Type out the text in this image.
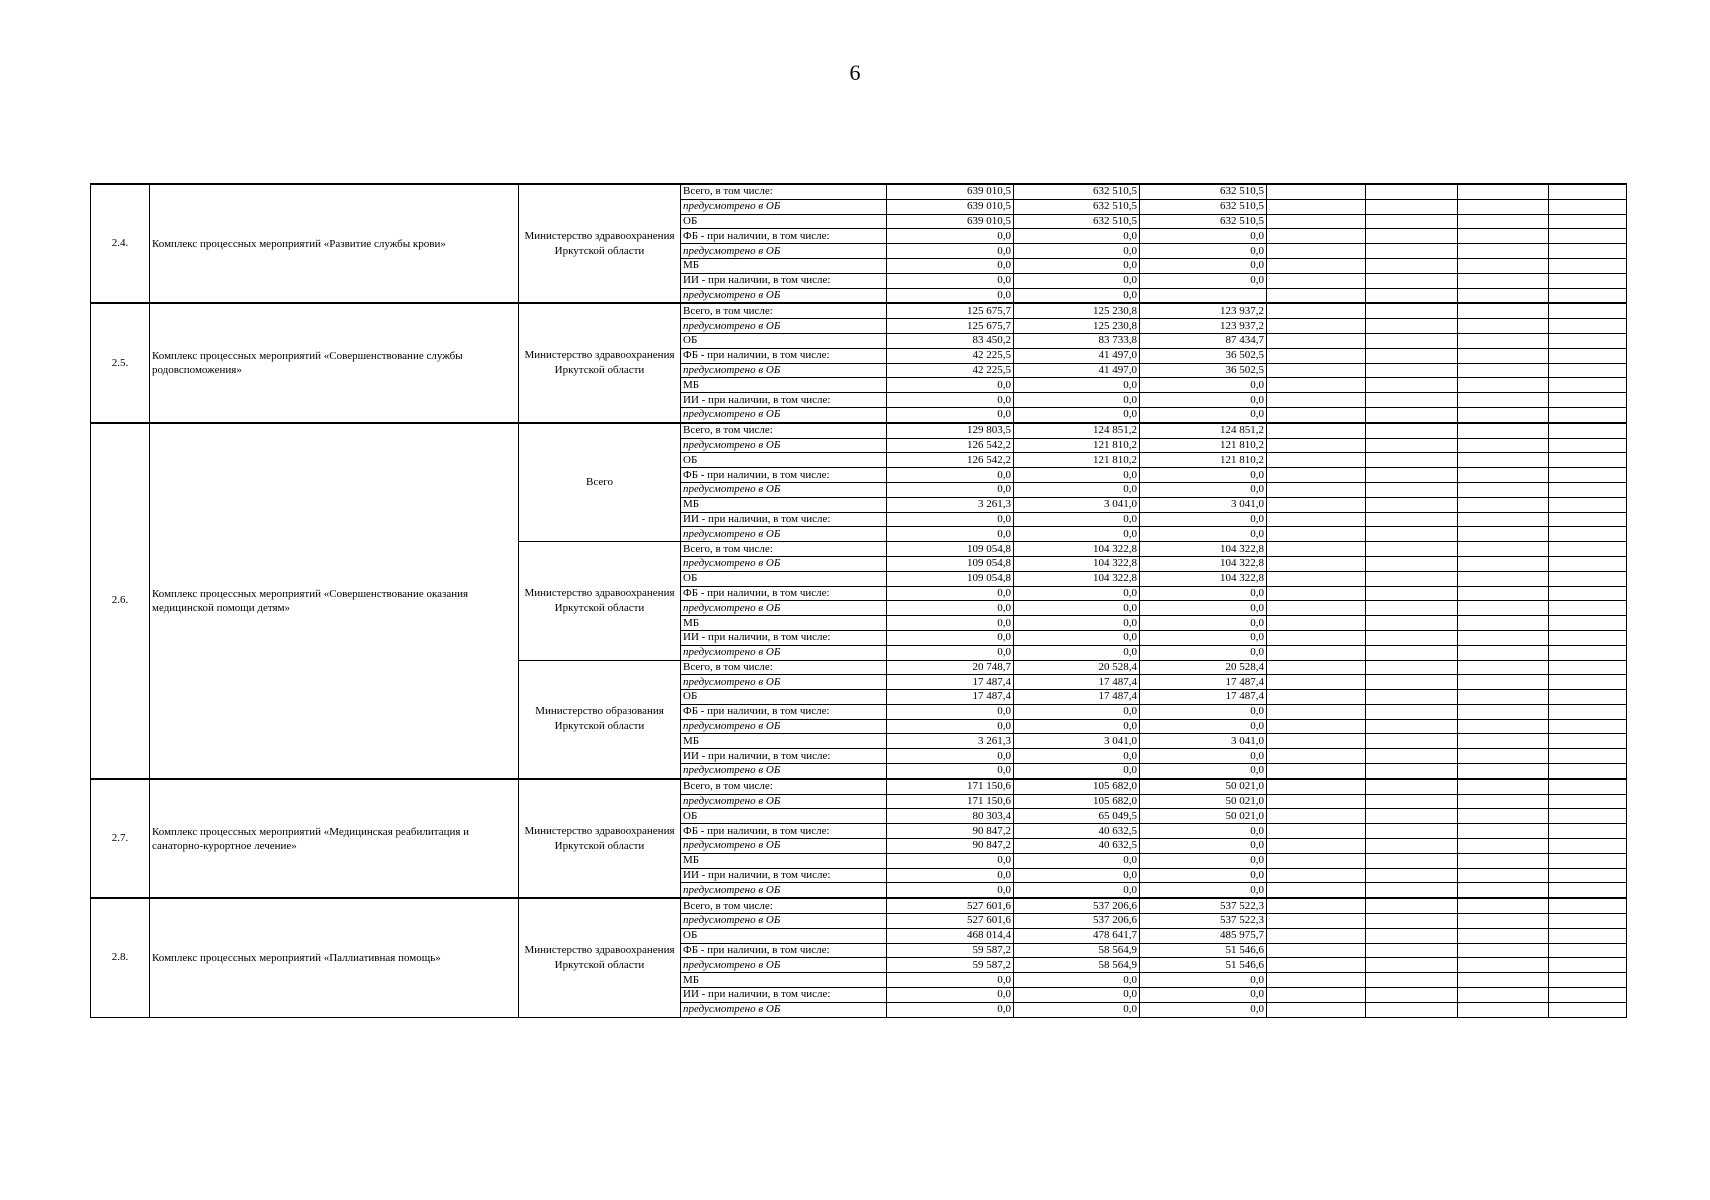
6
2.4.	Комплекс процессных мероприятий «Развитие службы крови»	Министерство здравоохранения Иркутской области	Всего, в том числе:	639 010,5	632 510,5	632 510,5				
			предусмотрено в ОБ	639 010,5	632 510,5	632 510,5				
			ОБ	639 010,5	632 510,5	632 510,5				
			ФБ - при наличии, в том числе:	0,0	0,0	0,0				
			предусмотрено в ОБ	0,0	0,0	0,0				
			МБ	0,0	0,0	0,0				
			ИИ - при наличии, в том числе:	0,0	0,0	0,0				
			предусмотрено в ОБ	0,0	0,0					
2.5.	Комплекс процессных мероприятий «Совершенствование службы родовспоможения»	Министерство здравоохранения Иркутской области	Всего, в том числе:	125 675,7	125 230,8	123 937,2				
			предусмотрено в ОБ	125 675,7	125 230,8	123 937,2				
			ОБ	83 450,2	83 733,8	87 434,7				
			ФБ - при наличии, в том числе:	42 225,5	41 497,0	36 502,5				
			предусмотрено в ОБ	42 225,5	41 497,0	36 502,5				
			МБ	0,0	0,0	0,0				
			ИИ - при наличии, в том числе:	0,0	0,0	0,0				
			предусмотрено в ОБ	0,0	0,0	0,0				
2.6.	Комплекс процессных мероприятий «Совершенствование оказания медицинской помощи детям»	Всего	Всего, в том числе:	129 803,5	124 851,2	124 851,2				
			предусмотрено в ОБ	126 542,2	121 810,2	121 810,2				
			ОБ	126 542,2	121 810,2	121 810,2				
			ФБ - при наличии, в том числе:	0,0	0,0	0,0				
			предусмотрено в ОБ	0,0	0,0	0,0				
			МБ	3 261,3	3 041,0	3 041,0				
			ИИ - при наличии, в том числе:	0,0	0,0	0,0				
			предусмотрено в ОБ	0,0	0,0	0,0				
		Министерство здравоохранения Иркутской области	Всего, в том числе:	109 054,8	104 322,8	104 322,8				
			предусмотрено в ОБ	109 054,8	104 322,8	104 322,8				
			ОБ	109 054,8	104 322,8	104 322,8				
			ФБ - при наличии, в том числе:	0,0	0,0	0,0				
			предусмотрено в ОБ	0,0	0,0	0,0				
			МБ	0,0	0,0	0,0				
			ИИ - при наличии, в том числе:	0,0	0,0	0,0				
			предусмотрено в ОБ	0,0	0,0	0,0				
		Министерство образования Иркутской области	Всего, в том числе:	20 748,7	20 528,4	20 528,4				
			предусмотрено в ОБ	17 487,4	17 487,4	17 487,4				
			ОБ	17 487,4	17 487,4	17 487,4				
			ФБ - при наличии, в том числе:	0,0	0,0	0,0				
			предусмотрено в ОБ	0,0	0,0	0,0				
			МБ	3 261,3	3 041,0	3 041,0				
			ИИ - при наличии, в том числе:	0,0	0,0	0,0				
			предусмотрено в ОБ	0,0	0,0	0,0				
2.7.	Комплекс процессных мероприятий «Медицинская реабилитация и санаторно-курортное лечение»	Министерство здравоохранения Иркутской области	Всего, в том числе:	171 150,6	105 682,0	50 021,0				
			предусмотрено в ОБ	171 150,6	105 682,0	50 021,0				
			ОБ	80 303,4	65 049,5	50 021,0				
			ФБ - при наличии, в том числе:	90 847,2	40 632,5	0,0				
			предусмотрено в ОБ	90 847,2	40 632,5	0,0				
			МБ	0,0	0,0	0,0				
			ИИ - при наличии, в том числе:	0,0	0,0	0,0				
			предусмотрено в ОБ	0,0	0,0	0,0				
2.8.	Комплекс процессных мероприятий «Паллиативная помощь»	Министерство здравоохранения Иркутской области	Всего, в том числе:	527 601,6	537 206,6	537 522,3				
			предусмотрено в ОБ	527 601,6	537 206,6	537 522,3				
			ОБ	468 014,4	478 641,7	485 975,7				
			ФБ - при наличии, в том числе:	59 587,2	58 564,9	51 546,6				
			предусмотрено в ОБ	59 587,2	58 564,9	51 546,6				
			МБ	0,0	0,0	0,0				
			ИИ - при наличии, в том числе:	0,0	0,0	0,0				
			предусмотрено в ОБ	0,0	0,0	0,0				
